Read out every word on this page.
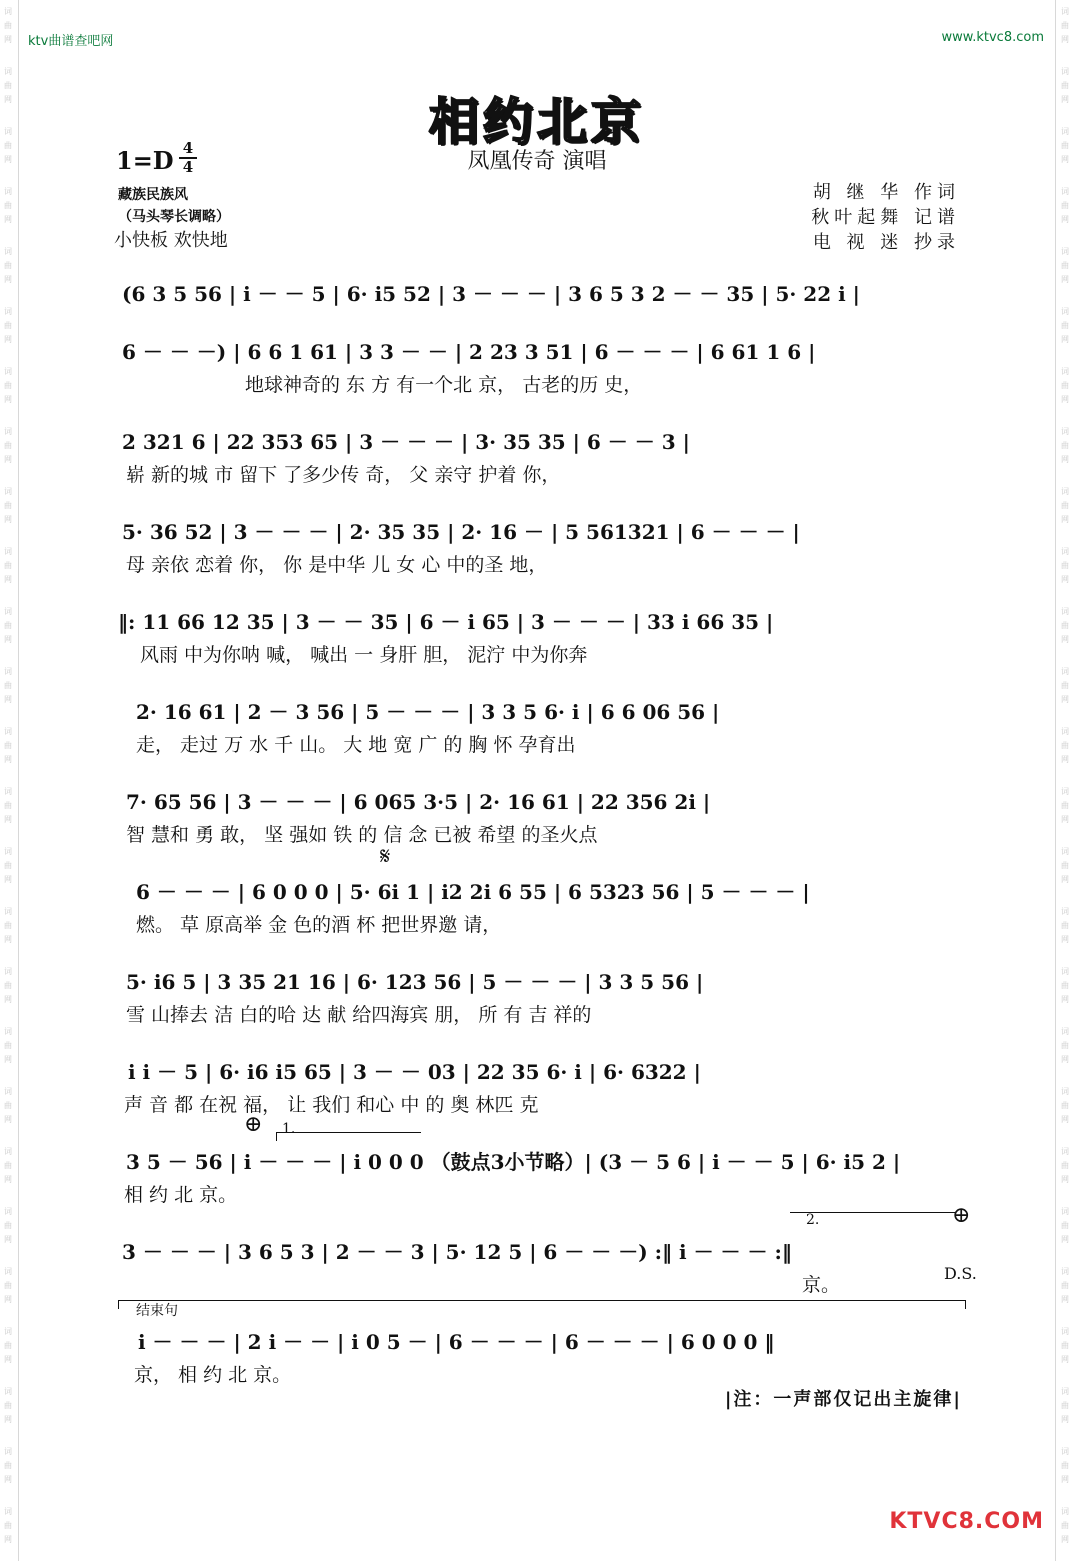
词	词
曲	曲
网	网
词	词
曲	曲
网	网
词	词
曲	曲
网	网
词	词
曲	曲
网	网
词	词
曲	曲
网	网
词	词
曲	曲
网	网
词	词
曲	曲
网	网
词	词
曲	曲
网	网
词	词
曲	曲
网	网
词	词
曲	曲
网	网
词	词
曲	曲
网	网
词	词
曲	曲
网	网
词	词
曲	曲
网	网
词	词
曲	曲
网	网
词	词
曲	曲
网	网
词	词
曲	曲
网	网
词	词
曲	曲
网	网
词	词
曲	曲
网	网
词	词
曲	曲
网	网
词	词
曲	曲
网	网
词	词
曲	曲
网	网
词	词
曲	曲
网	网
词	词
曲	曲
网	网
词	词
曲	曲
网	网
词	词
曲	曲
网	网
词	词
曲	曲
网	网
ktv曲谱查吧网	www.ktvc8.com
相约北京
凤凰传奇 演唱
1=D 4
4
藏族民族风
（马头琴长调略）
小快板 欢快地
胡 继 华 作词
秋叶起舞 记谱
电 视 迷 抄录
(6 3 5 56 | i － － 5 | 6· i5 52 | 3 － － － | 3 6 5 3 2 － － 35 | 5· 22 i |
6 － － －) | 6 6 1 61 | 3 3 － － | 2 23 3 51 | 6 － － － | 6 61 1 6 |
地球神奇的 东 方 有一个北 京， 古老的历 史，
2 321 6 | 22 353 65 | 3 － － － | 3· 35 35 | 6 － － 3 |
崭 新的城 市 留下 了多少传 奇， 父 亲守 护着 你，
5· 36 52 | 3 － － － | 2· 35 35 | 2· 16 － | 5 561321 | 6 － － － |
母 亲依 恋着 你， 你 是中华 儿 女 心 中的圣 地，
‖: 11 66 12 35 | 3 － － 35 | 6 － i 65 | 3 － － － | 33 i 66 35 |
风雨 中为你呐 喊， 喊出 一 身肝 胆， 泥泞 中为你奔
2· 16 61 | 2 － 3 56 | 5 － － － | 3 3 5 6· i | 6 6 06 56 |
走， 走过 万 水 千 山。 大 地 宽 广 的 胸 怀 孕育出
7· 65 56 | 3 － － － | 6 065 3·5 | 2· 16 61 | 22 356 2i |
智 慧和 勇 敢， 坚 强如 铁 的 信 念 已被 希望 的圣火点
6 － － － | 6 0 0 0 | 5· 6i 1 | i2 2i 6 55 | 6 5323 56 | 5 － － － |
燃。 草 原高举 金 色的酒 杯 把世界邀 请，
5· i6 5 | 3 35 21 16 | 6· 123 56 | 5 － － － | 3 3 5 56 |
雪 山捧去 洁 白的哈 达 献 给四海宾 朋， 所 有 吉 祥的
i i － 5 | 6· i6 i5 65 | 3 － － 03 | 22 35 6· i | 6· 6322 |
声 音 都 在祝 福， 让 我们 和心 中 的 奥 林匹 克
3 5 － 56 | i － － － | i 0 0 0 （鼓点3小节略）| (3 － 5 6 | i － － 5 | 6· i5 2 |
相 约 北 京。
3 － － － | 3 6 5 3 | 2 － － 3 | 5· 12 5 | 6 － － －) :‖ i － － － :‖
京。
i － － － | 2 i － － | i 0 5 － | 6 － － － | 6 － － － | 6 0 0 0 ‖
京， 相 约 北 京。
𝄋
⊕
⊕
1.
2.
D.S.
结束句
|注：一声部仅记出主旋律|
KTVC8.COM
